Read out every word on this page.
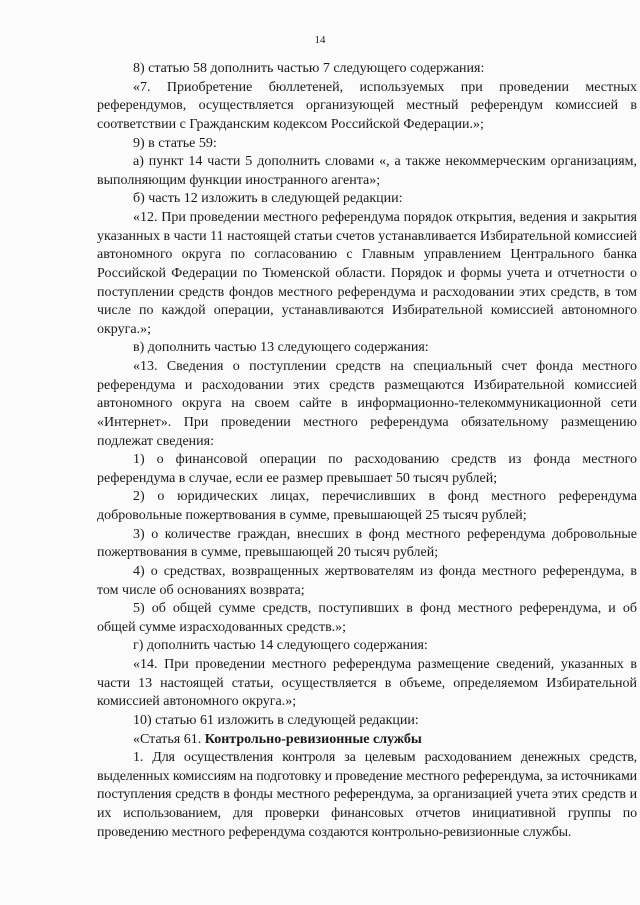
14

8) статью 58 дополнить частью 7 следующего содержания:

«7. Приобретение бюллетеней, используемых при проведении местных референдумов, осуществляется организующей местный референдум комиссией в соответствии с Гражданским кодексом Российской Федерации.»;

9) в статье 59:

а) пункт 14 части 5 дополнить словами «, а также некоммерческим организациям, выполняющим функции иностранного агента»;

б) часть 12 изложить в следующей редакции:

«12. При проведении местного референдума порядок открытия, ведения и закрытия указанных в части 11 настоящей статьи счетов устанавливается Избирательной комиссией автономного округа по согласованию с Главным управлением Центрального банка Российской Федерации по Тюменской области. Порядок и формы учета и отчетности о поступлении средств фондов местного референдума и расходовании этих средств, в том числе по каждой операции, устанавливаются Избирательной комиссией автономного округа.»;

в) дополнить частью 13 следующего содержания:

«13. Сведения о поступлении средств на специальный счет фонда местного референдума и расходовании этих средств размещаются Избирательной комиссией автономного округа на своем сайте в информационно-телекоммуникационной сети «Интернет». При проведении местного референдума обязательному размещению подлежат сведения:

1) о финансовой операции по расходованию средств из фонда местного референдума в случае, если ее размер превышает 50 тысяч рублей;

2) о юридических лицах, перечисливших в фонд местного референдума добровольные пожертвования в сумме, превышающей 25 тысяч рублей;

3) о количестве граждан, внесших в фонд местного референдума добровольные пожертвования в сумме, превышающей 20 тысяч рублей;

4) о средствах, возвращенных жертвователям из фонда местного референдума, в том числе об основаниях возврата;

5) об общей сумме средств, поступивших в фонд местного референдума, и об общей сумме израсходованных средств.»;

г) дополнить частью 14 следующего содержания:

«14. При проведении местного референдума размещение сведений, указанных в части 13 настоящей статьи, осуществляется в объеме, определяемом Избирательной комиссией автономного округа.»;

10) статью 61 изложить в следующей редакции:

«Статья 61. Контрольно-ревизионные службы

1. Для осуществления контроля за целевым расходованием денежных средств, выделенных комиссиям на подготовку и проведение местного референдума, за источниками поступления средств в фонды местного референдума, за организацией учета этих средств и их использованием, для проверки финансовых отчетов инициативной группы по проведению местного референдума создаются контрольно-ревизионные службы.
